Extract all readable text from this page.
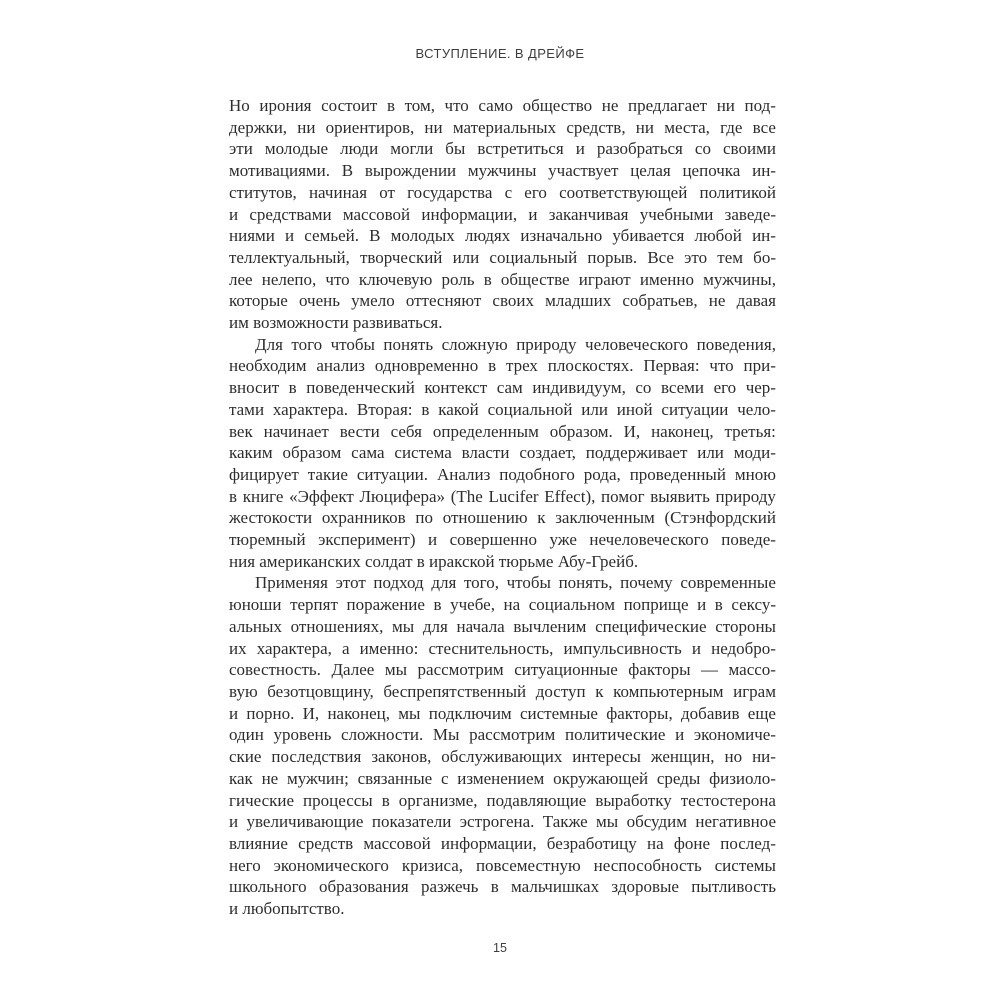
ВСТУПЛЕНИЕ. В ДРЕЙФЕ
Но ирония состоит в том, что само общество не предлагает ни под-
держки, ни ориентиров, ни материальных средств, ни места, где все
эти молодые люди могли бы встретиться и разобраться со своими
мотивациями. В вырождении мужчины участвует целая цепочка ин-
ститутов, начиная от государства с его соответствующей политикой
и средствами массовой информации, и заканчивая учебными заведе-
ниями и семьей. В молодых людях изначально убивается любой ин-
теллектуальный, творческий или социальный порыв. Все это тем бо-
лее нелепо, что ключевую роль в обществе играют именно мужчины,
которые очень умело оттесняют своих младших собратьев, не давая
им возможности развиваться.
Для того чтобы понять сложную природу человеческого поведения,
необходим анализ одновременно в трех плоскостях. Первая: что при-
вносит в поведенческий контекст сам индивидуум, со всеми его чер-
тами характера. Вторая: в какой социальной или иной ситуации чело-
век начинает вести себя определенным образом. И, наконец, третья:
каким образом сама система власти создает, поддерживает или моди-
фицирует такие ситуации. Анализ подобного рода, проведенный мною
в книге «Эффект Люцифера» (The Lucifer Effect), помог выявить природу
жестокости охранников по отношению к заключенным (Стэнфордский
тюремный эксперимент) и совершенно уже нечеловеческого поведе-
ния американских солдат в иракской тюрьме Абу-Грейб.
Применяя этот подход для того, чтобы понять, почему современные
юноши терпят поражение в учебе, на социальном поприще и в сексу-
альных отношениях, мы для начала вычленим специфические стороны
их характера, а именно: стеснительность, импульсивность и недобро-
совестность. Далее мы рассмотрим ситуационные факторы — массо-
вую безотцовщину, беспрепятственный доступ к компьютерным играм
и порно. И, наконец, мы подключим системные факторы, добавив еще
один уровень сложности. Мы рассмотрим политические и экономиче-
ские последствия законов, обслуживающих интересы женщин, но ни-
как не мужчин; связанные с изменением окружающей среды физиоло-
гические процессы в организме, подавляющие выработку тестостерона
и увеличивающие показатели эстрогена. Также мы обсудим негативное
влияние средств массовой информации, безработицу на фоне послед-
него экономического кризиса, повсеместную неспособность системы
школьного образования разжечь в мальчишках здоровые пытливость
и любопытство.
15
